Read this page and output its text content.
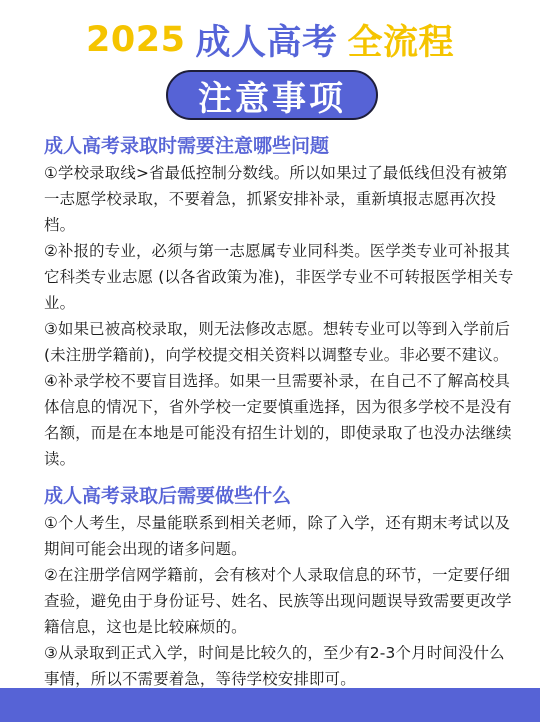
2025 成人高考 全流程
注意事项
成人高考录取时需要注意哪些问题

①学校录取线>省最低控制分数线。所以如果过了最低线但没有被第一志愿学校录取，不要着急，抓紧安排补录，重新填报志愿再次投档。

②补报的专业，必须与第一志愿属专业同科类。医学类专业可补报其它科类专业志愿 (以各省政策为准)，非医学专业不可转报医学相关专业。

③如果已被高校录取，则无法修改志愿。想转专业可以等到入学前后(未注册学籍前)，向学校提交相关资料以调整专业。非必要不建议。

④补录学校不要盲目选择。如果一旦需要补录，在自己不了解高校具体信息的情况下，省外学校一定要慎重选择，因为很多学校不是没有名额，而是在本地是可能没有招生计划的，即使录取了也没办法继续读。

成人高考录取后需要做些什么

①个人考生，尽量能联系到相关老师，除了入学，还有期末考试以及期间可能会出现的诸多问题。

②在注册学信网学籍前，会有核对个人录取信息的环节，一定要仔细查验，避免由于身份证号、姓名、民族等出现问题误导致需要更改学籍信息，这也是比较麻烦的。

③从录取到正式入学，时间是比较久的，至少有2-3个月时间没什么事情，所以不需要着急，等待学校安排即可。
